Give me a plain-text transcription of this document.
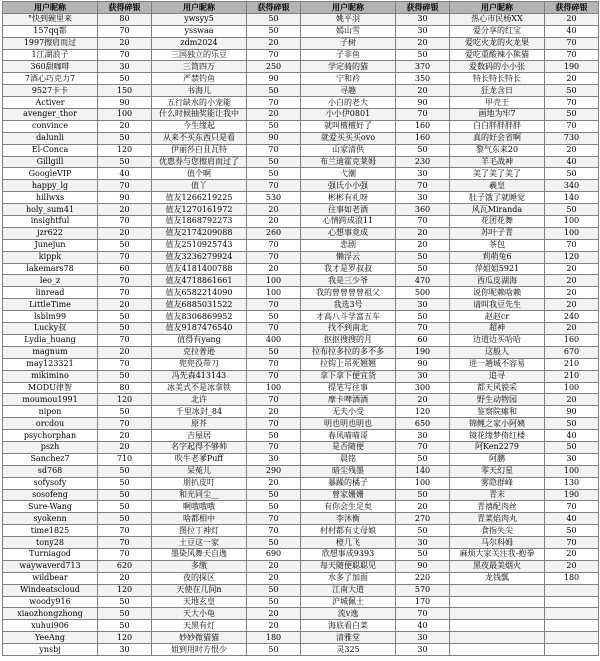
用户昵称	获得碎银	用户昵称	获得碎银	用户昵称	获得碎银	用户昵称	获得碎银
°快到碗里来	80	ywsyy5	50	姚平羽	30	热心市民杨XX	20
157qq都	70	ysswaa	50	嫣山雪	30	爱分享的红宝	40
1997擦肩而过	20	zdm2024	20	子树	20	爱吃火龙的火龙果	70
1江湖浪子	70	三国独立的乐豆	70	子非鱼	50	爱吃重酸辣小熊猫	70
360甜咖啡	30	三筒四万	250	学定骑的猫	370	爱数码的小小张	190
7酒心巧克力7	50	严禁钓鱼	90	宁和衿	350	特长特长特长	20
9527卡卡	150	书海儿	50	寻趣	20	狂龙含日	50
Activer	90	五行缺水的小宠能	70	小白的老大	90	甲壳王	70
avenger_thor	100	什么时候抽奖能让我中	20	小小伊0801	70	画地为牢7	50
convince	20	今生缘起	50	就叫檀檀好了	160	白白胖胖胖胖	70
dalunli	50	从来不买东西只是看	90	就爱买买买ovo	160	真的好会省啊	730
El-Conca	120	伊丽莎白且瓦特	70	山家清供	50	黎气东来20	20
Gillgill	50	优惠券与您擦肩而过了	50	布兰迪霍克莱姆	230	羊毛战神	40
GoogleVIP	40	值个啊	50	弋潮	30	美了美了美了	50
happy_lg	70	值丫	70	强氏小小强	70	羲皇	340
hillwxs	90	值友1266219225	530	彬彬有礼呀	30	肚子饿了就睡觉	140
holy_sum41	20	值友1270161972	20	往事如老酒	360	风瓦Miranda	50
insightful	70	值友1868792273	20	心情跨成浪11	70	花团花舞	100
jzr622	20	值友2174209088	260	心想事竟成	20	苏叶子青	100
Junejun	50	值友2510925743	70	悲剧	20	茶包	70
kippk	70	值友3236279924	70	懒浮云	50	莉萌兔6	120
lakemars78	60	值友4181400788	20	我才是罗叔叔	50	萍姐姐5921	20
leo_z	70	值友4718861661	100	我是三少爷	470	西瓜皮湖海	20
linread	70	值友6582214090	100	我的曾曾曾曾祖父	500	说你呢赖啥赖	20
LittleTime	20	值友6885031522	70	我选3号	30	请叫我豆先生	20
lsblm99	50	值友8306869952	50	才高八斗学富五车	50	赵赵cr	240
Lucky叔	50	值友9187476540	70	找不到南北	70	超神	20
Lydia_huang	70	值得有yang	400	抠抠搜搜的月	60	边道边买哈哈	160
magnum	20	克拉普逊	50	拉布拉多拉的多不多	190	这般人	670
may123321	70	兜兜役带刀	70	拉钩上吊死翘翘	90	进一趟城不容易	210
mikimino	50	冯先森413143	70	拿下拿下便宜货	30	追寻	210
MODU律智	80	冰美式不是冰拿铁	100	提笔写往事	300	都天风貌采	100
moumou1991	120	北许	70	摩卡啤酒酒	20	野生动物园	20
nipon	50	千里冰封_84	20	无夫小受	120	鉴察院瘫和	90
orcdou	70	原芥	70	明也明也明也	650	锦鲤之家小阿姨	50
psychorphan	20	吉屋居	50	春风喵喵哥	30	镜花缘梦倚红楼	40
pszh	20	名字起得不够帅	70	是否随便	70	阿Ken2279	50
Sanchez7	710	吹牛老爹Puff	30	晨铭	50	阿鹏	30
sd768	50	呆菟儿	290	暗尘残墨	140	零天幻星	100
sofysofy	50	朋扒皮叮	20	暴躁的橘子	100	雾隐群峰	130
sosofeng	50	和光同尘__	50	曾家姗姗	50	青末	190
Sure-Wang	50	啊哦哦哦	50	有你会生足矣	20	青禧配肉丝	70
syokenn	50	啥都相中	70	李沐衡	270	青菜焰肉丸	40
time1825	70	图拉丁神灯	70	村村都有丈母娘	50	食指失尖	50
tony28	70	土豆这一家	50	橙几飞	30	马尔科姆	70
Turniagod	70	墨染风舞天自逸	690	欣想事成9393	50	麻烦大家关注我-抱拳	20
waywaverd713	620	多缴	20	每天随便聪聪见	90	黑夜最美烟火	20
wildbear	20	夜的探区	20	水多了加面	220	龙钱瓢	180
Windeatscloud	120	天使在儿间n	50	江南大道	570		
woody916	50	天地玄皇	50	沪城佩土	170		
xiaozhongzhong	50	天大小龟	20	流v逸	70		
xuhui906	50	天黑有灯	20	海底看白菜	40		
YeeAng	120	妙妙微猫猫	180	清雅堂	30		
ynsbj	30	姐到用时方恨少	50	灵325	30		
